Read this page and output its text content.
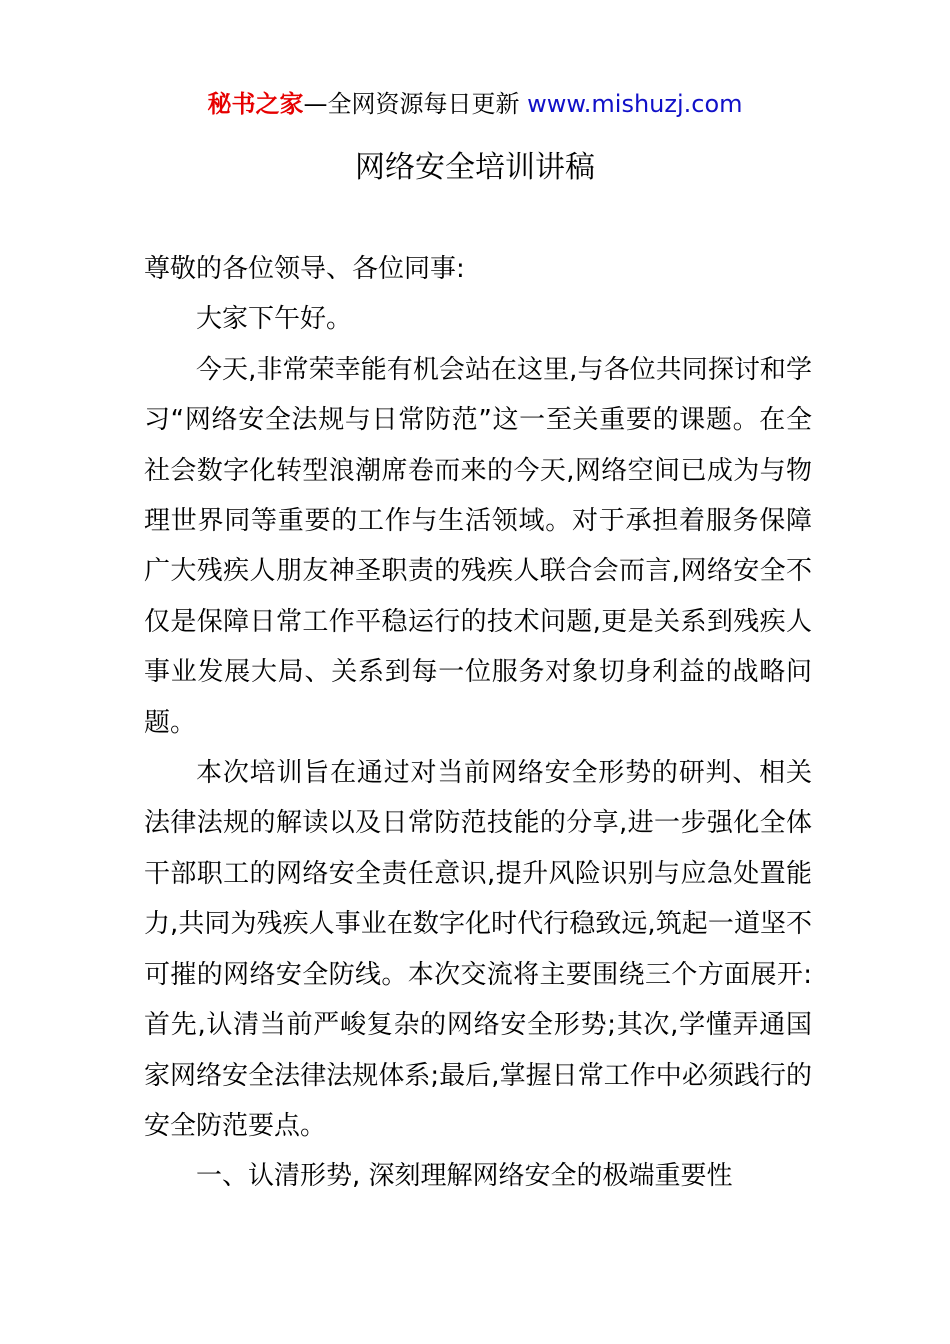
秘书之家—全网资源每日更新 www.mishuzj.com
网络安全培训讲稿

尊敬的各位领导、各位同事:

大家下午好。

今天,非常荣幸能有机会站在这里,与各位共同探讨和学习“网络安全法规与日常防范”这一至关重要的课题。在全社会数字化转型浪潮席卷而来的今天,网络空间已成为与物理世界同等重要的工作与生活领域。对于承担着服务保障广大残疾人朋友神圣职责的残疾人联合会而言,网络安全不仅是保障日常工作平稳运行的技术问题,更是关系到残疾人事业发展大局、关系到每一位服务对象切身利益的战略问题。

本次培训旨在通过对当前网络安全形势的研判、相关法律法规的解读以及日常防范技能的分享,进一步强化全体干部职工的网络安全责任意识,提升风险识别与应急处置能力,共同为残疾人事业在数字化时代行稳致远,筑起一道坚不可摧的网络安全防线。本次交流将主要围绕三个方面展开:首先,认清当前严峻复杂的网络安全形势;其次,学懂弄通国家网络安全法律法规体系;最后,掌握日常工作中必须践行的安全防范要点。

一、认清形势, 深刻理解网络安全的极端重要性
